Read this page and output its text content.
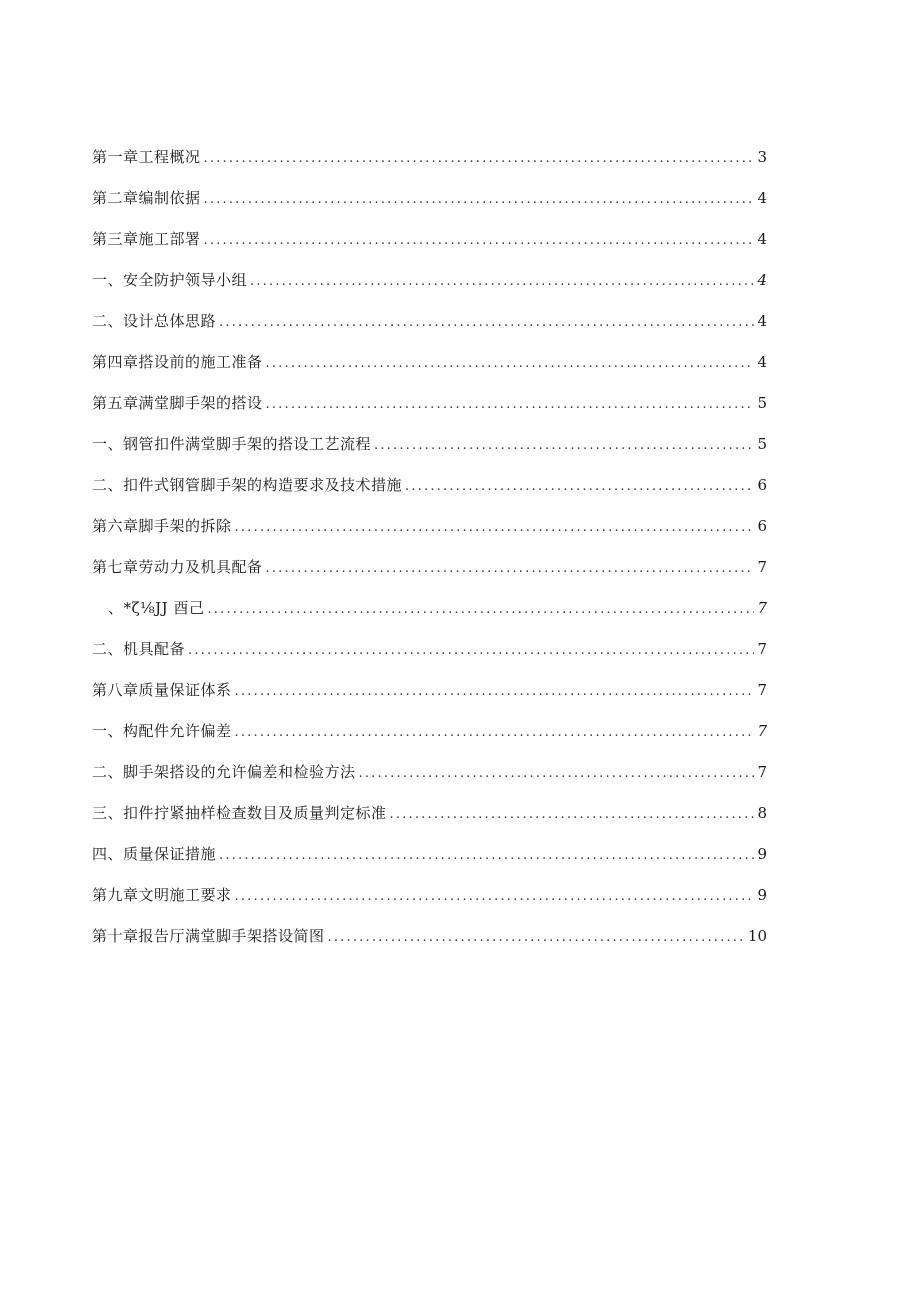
第一章工程概况 .....	3
第二章编制依据 .....	4
第三章施工部署 .....	4
一、安全防护领导小组 .....	4
二、设计总体思路 .....	4
第四章搭设前的施工准备 .....	4
第五章满堂脚手架的搭设 .....	5
一、钢管扣件满堂脚手架的搭设工艺流程 .....	5
二、扣件式钢管脚手架的构造要求及技术措施 .....	6
第六章脚手架的拆除 .....	6
第七章劳动力及机具配备 .....	7
、*ζ⅛JJ 酉己 .....	7
二、机具配备 .....	7
第八章质量保证体系 .....	7
一、构配件允许偏差 .....	7
二、脚手架搭设的允许偏差和检验方法 .....	7
三、扣件拧紧抽样检查数目及质量判定标准 .....	8
四、质量保证措施 .....	9
第九章文明施工要求 .....	9
第十章报告厅满堂脚手架搭设简图 .....	10
